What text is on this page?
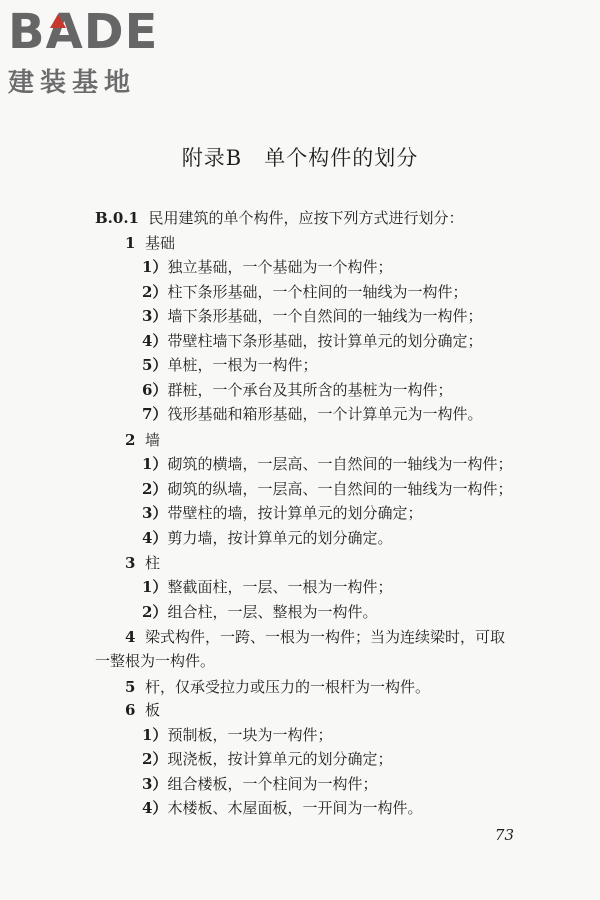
BADE
建装基地
附录B　单个构件的划分
B.0.1 民用建筑的单个构件，应按下列方式进行划分：
1 基础
1）独立基础，一个基础为一个构件；
2）柱下条形基础，一个柱间的一轴线为一构件；
3）墙下条形基础，一个自然间的一轴线为一构件；
4）带壁柱墙下条形基础，按计算单元的划分确定；
5）单桩，一根为一构件；
6）群桩，一个承台及其所含的基桩为一构件；
7）筏形基础和箱形基础，一个计算单元为一构件。
2 墙
1）砌筑的横墙，一层高、一自然间的一轴线为一构件；
2）砌筑的纵墙，一层高、一自然间的一轴线为一构件；
3）带壁柱的墙，按计算单元的划分确定；
4）剪力墙，按计算单元的划分确定。
3 柱
1）整截面柱，一层、一根为一构件；
2）组合柱，一层、整根为一构件。
4 梁式构件，一跨、一根为一构件；当为连续梁时，可取
一整根为一构件。
5 杆，仅承受拉力或压力的一根杆为一构件。
6 板
1）预制板，一块为一构件；
2）现浇板，按计算单元的划分确定；
3）组合楼板，一个柱间为一构件；
4）木楼板、木屋面板，一开间为一构件。
73
